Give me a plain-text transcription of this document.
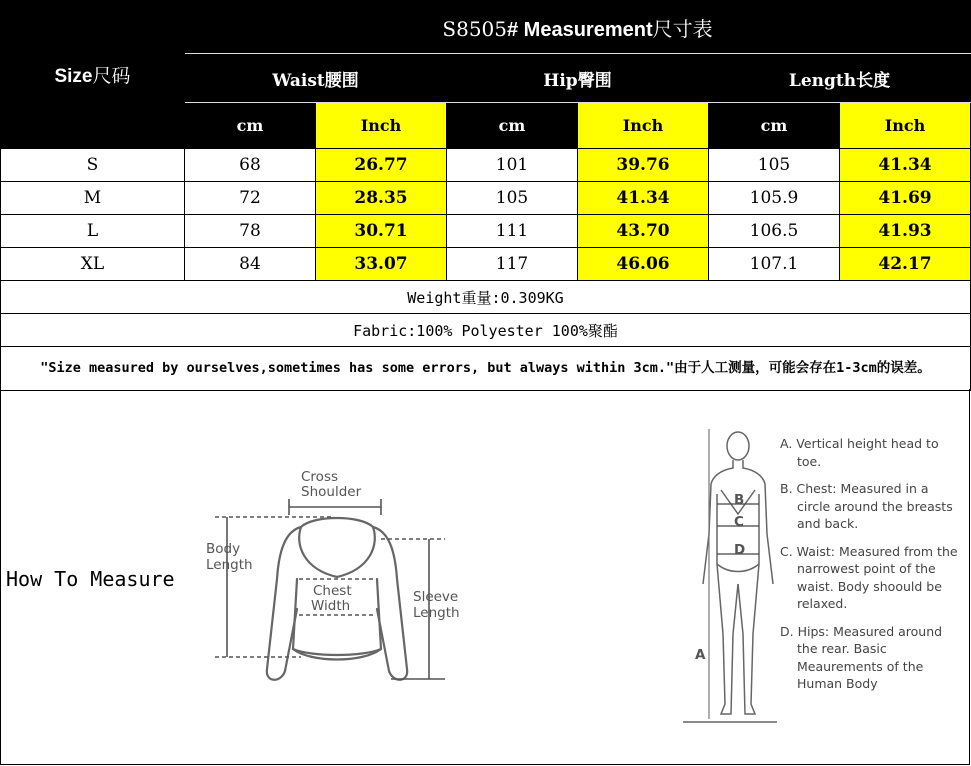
Size尺码	S8505# Measurement尺寸表					
	Waist腰围		Hip臀围		Length长度	
	cm	Inch	cm	Inch	cm	Inch
S	68	26.77	101	39.76	105	41.34
M	72	28.35	105	41.34	105.9	41.69
L	78	30.71	111	43.70	106.5	41.93
XL	84	33.07	117	46.06	107.1	42.17
Weight重量:0.309KG						
Fabric:100% Polyester 100%聚酯						
"Size measured by ourselves,sometimes has some errors, but always within 3cm."由于人工测量，可能会存在1-3cm的误差。						
How To Measure
Cross
Shoulder
Body
Length
Chest
Width
Sleeve
Length
A
B
C
D

A. Vertical height head to toe.

B. Chest: Measured in a circle around the breasts and back.

C. Waist: Measured from the narrowest point of the waist. Body shoould be relaxed.

D. Hips: Measured around the rear. Basic Meaurements of the Human Body
